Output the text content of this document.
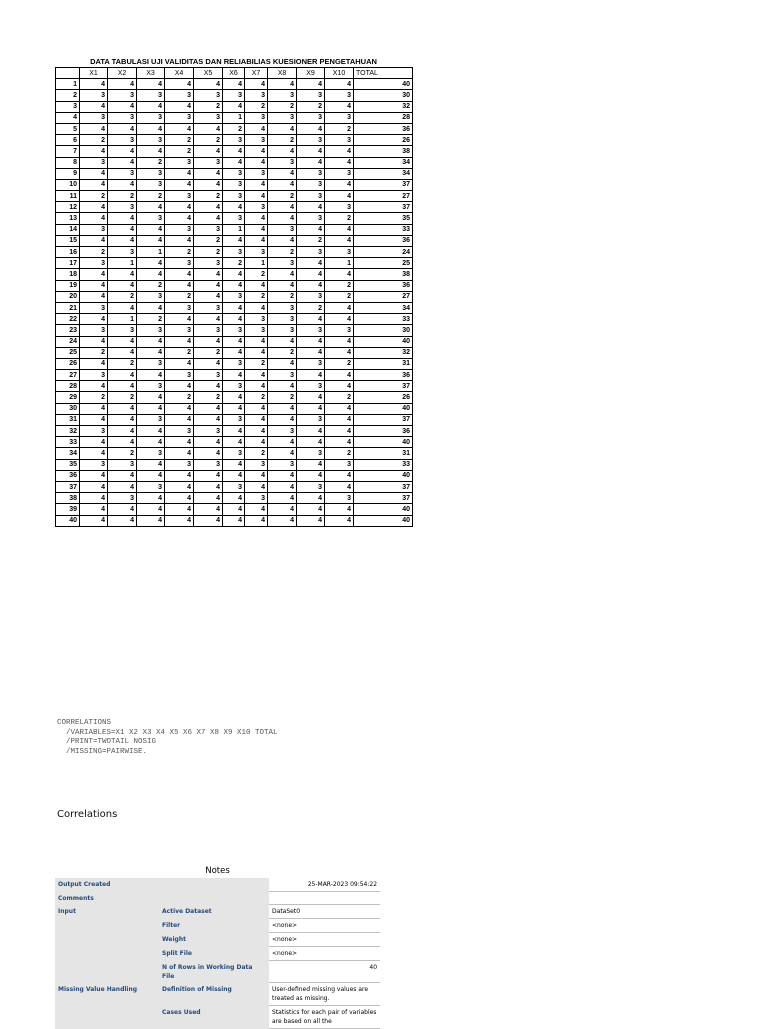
DATA TABULASI UJI VALIDITAS DAN RELIABILIAS KUESIONER PENGETAHUAN
	X1	X2	X3	X4	X5	X6	X7	X8	X9	X10	TOTAL
1	4	4	4	4	4	4	4	4	4	4	40
2	3	3	3	3	3	3	3	3	3	3	30
3	4	4	4	4	2	4	2	2	2	4	32
4	3	3	3	3	3	1	3	3	3	3	28
5	4	4	4	4	4	2	4	4	4	2	36
6	2	3	3	2	2	3	3	2	3	3	26
7	4	4	4	2	4	4	4	4	4	4	38
8	3	4	2	3	3	4	4	3	4	4	34
9	4	3	3	4	4	3	3	4	3	3	34
10	4	4	3	4	4	3	4	4	3	4	37
11	2	2	2	3	2	3	4	2	3	4	27
12	4	3	4	4	4	4	3	4	4	3	37
13	4	4	3	4	4	3	4	4	3	2	35
14	3	4	4	3	3	1	4	3	4	4	33
15	4	4	4	4	2	4	4	4	2	4	36
16	2	3	1	2	2	3	3	2	3	3	24
17	3	1	4	3	3	2	1	3	4	1	25
18	4	4	4	4	4	4	2	4	4	4	38
19	4	4	2	4	4	4	4	4	4	2	36
20	4	2	3	2	4	3	2	2	3	2	27
21	3	4	4	3	3	4	4	3	2	4	34
22	4	1	2	4	4	4	3	3	4	4	33
23	3	3	3	3	3	3	3	3	3	3	30
24	4	4	4	4	4	4	4	4	4	4	40
25	2	4	4	2	2	4	4	2	4	4	32
26	4	2	3	4	4	3	2	4	3	2	31
27	3	4	4	3	3	4	4	3	4	4	36
28	4	4	3	4	4	3	4	4	3	4	37
29	2	2	4	2	2	4	2	2	4	2	26
30	4	4	4	4	4	4	4	4	4	4	40
31	4	4	3	4	4	3	4	4	3	4	37
32	3	4	4	3	3	4	4	3	4	4	36
33	4	4	4	4	4	4	4	4	4	4	40
34	4	2	3	4	4	3	2	4	3	2	31
35	3	3	4	3	3	4	3	3	4	3	33
36	4	4	4	4	4	4	4	4	4	4	40
37	4	4	3	4	4	3	4	4	3	4	37
38	4	3	4	4	4	4	3	4	4	3	37
39	4	4	4	4	4	4	4	4	4	4	40
40	4	4	4	4	4	4	4	4	4	4	40
CORRELATIONS
/VARIABLES=X1 X2 X3 X4 X5 X6 X7 X8 X9 X10 TOTAL
/PRINT=TWOTAIL NOSIG
/MISSING=PAIRWISE.
Correlations
Notes
Output Created		25-MAR-2023 09:54:22
Comments		
Input	Active Dataset	DataSet0
	Filter	<none>
	Weight	<none>
	Split File	<none>
	N of Rows in Working Data File	40
Missing Value Handling	Definition of Missing	User-defined missing values are treated as missing.
	Cases Used	Statistics for each pair of variables are based on all the
